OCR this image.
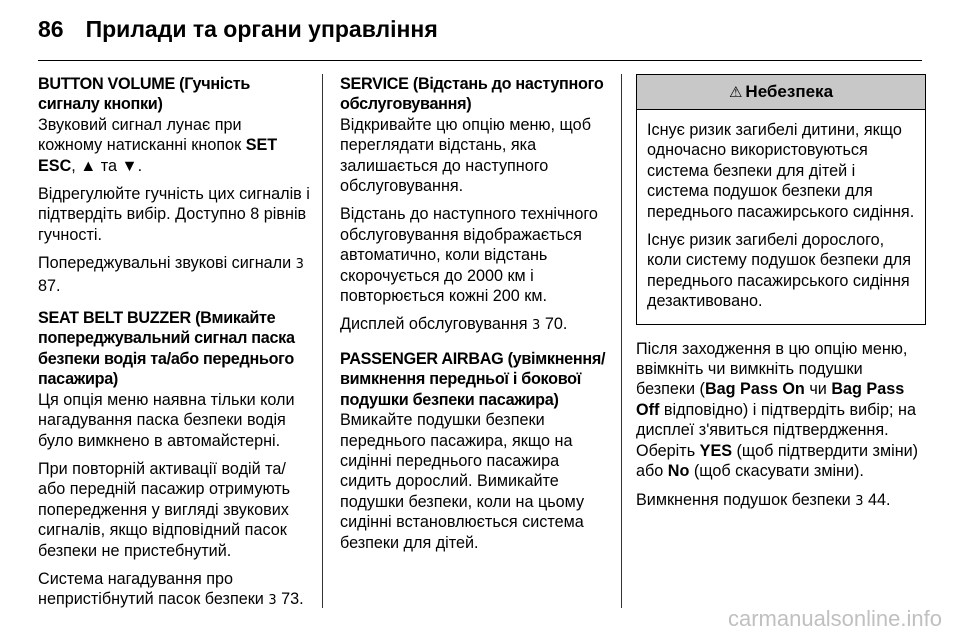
86 Прилади та органи управління
BUTTON VOLUME (Гучність сигналу кнопки)

Звуковий сигнал лунає при кожному натисканні кнопок SET ESC, ▲ та ▼.

Відрегулюйте гучність цих сигналів і підтвердіть вибір. Доступно 8 рівнів гучності.

Попереджувальні звукові сигнали 3 87.

SEAT BELT BUZZER (Вмикайте попереджувальний сигнал паска безпеки водія та/або переднього пасажира)

Ця опція меню наявна тільки коли нагадування паска безпеки водія було вимкнено в автомайстерні.

При повторній активації водій та/або передній пасажир отримують попередження у вигляді звукових сигналів, якщо відповідний пасок безпеки не пристебнутий.

Система нагадування про непристібнутий пасок безпеки 3 73.

SERVICE (Відстань до наступного обслуговування)

Відкривайте цю опцію меню, щоб переглядати відстань, яка залишається до наступного обслуговування.

Відстань до наступного технічного обслуговування відображається автоматично, коли відстань скорочується до 2000 км і повторюється кожні 200 км.

Дисплей обслуговування 3 70.

PASSENGER AIRBAG (увімкнення/вимкнення передньої і бокової подушки безпеки пасажира)

Вмикайте подушки безпеки переднього пасажира, якщо на сидінні переднього пасажира сидить дорослий. Вимикайте подушки безпеки, коли на цьому сидінні встановлюється система безпеки для дітей.

⚠ Небезпека

Існує ризик загибелі дитини, якщо одночасно використовуються система безпеки для дітей і система подушок безпеки для переднього пасажирського сидіння.

Існує ризик загибелі дорослого, коли систему подушок безпеки для переднього пасажирського сидіння дезактивовано.

Після заходження в цю опцію меню, ввімкніть чи вимкніть подушки безпеки (Bag Pass On чи Bag Pass Off відповідно) і підтвердіть вибір; на дисплеї з'явиться підтвердження. Оберіть YES (щоб підтвердити зміни) або No (щоб скасувати зміни).

Вимкнення подушок безпеки 3 44.

carmanualsonline.info
